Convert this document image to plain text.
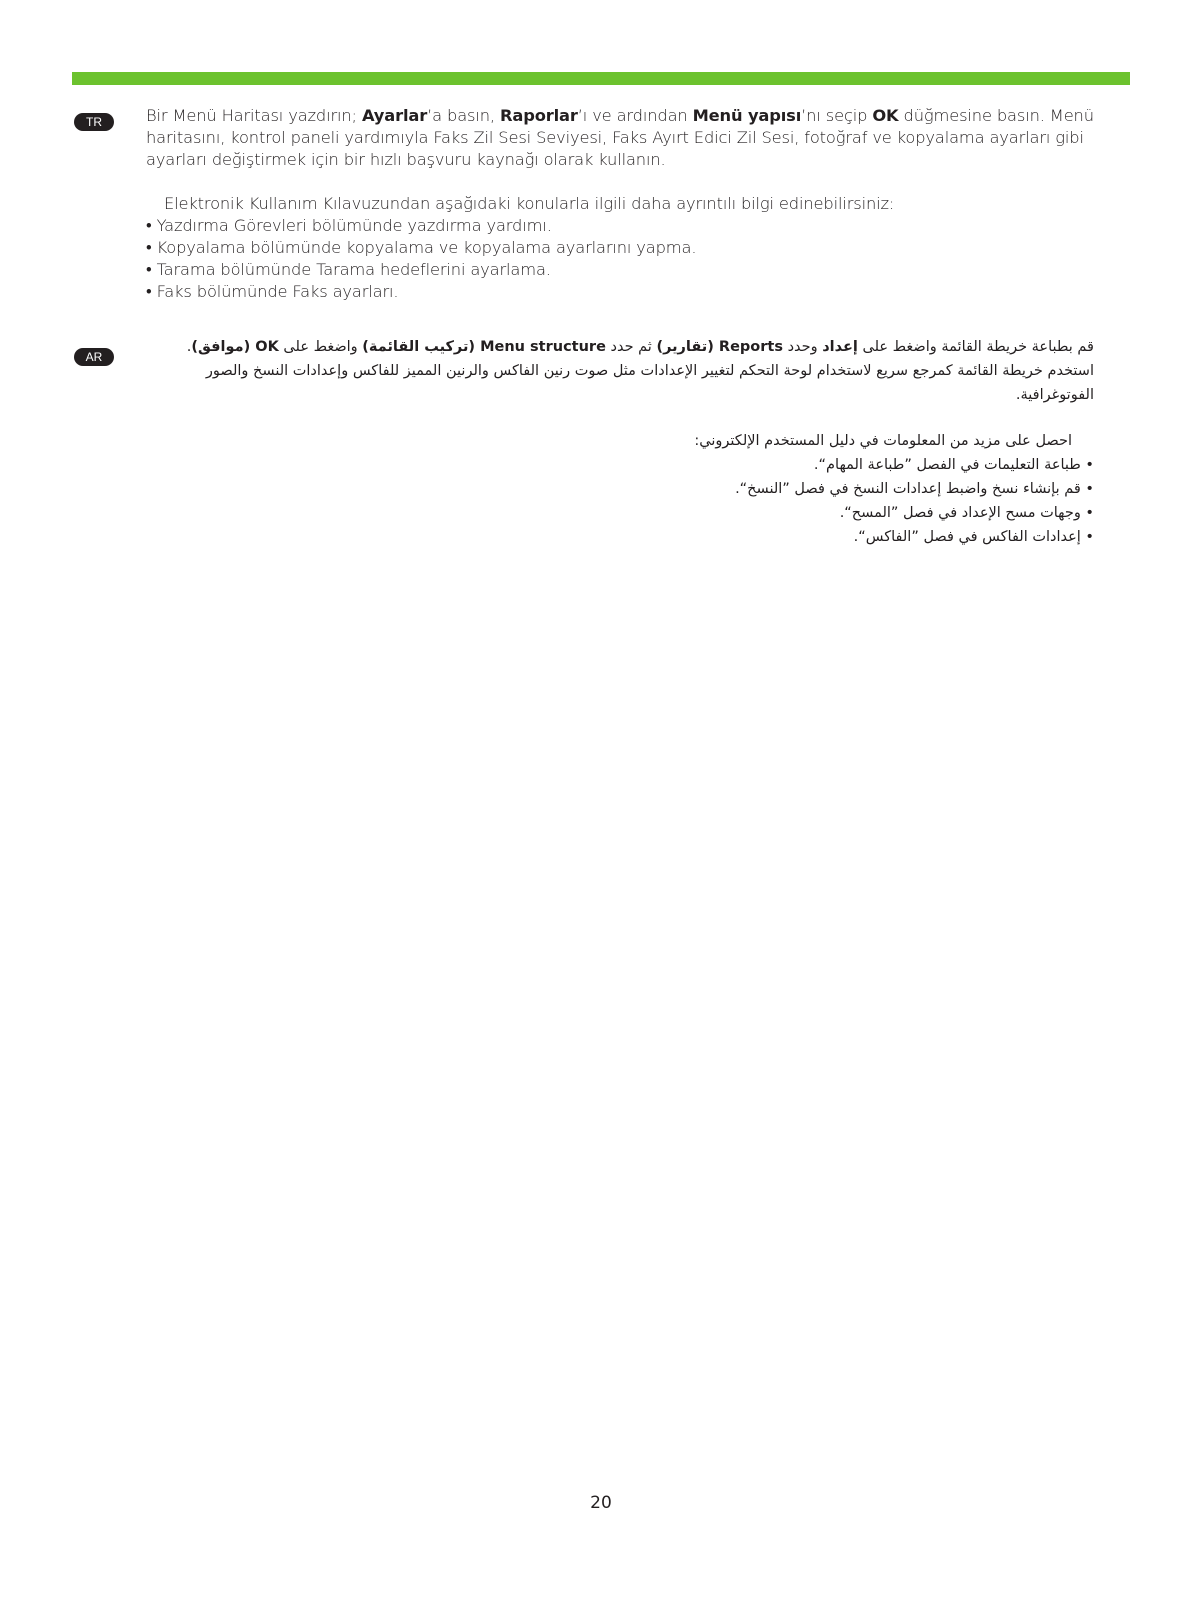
TR	Bir Menü Haritası yazdırın; Ayarlar’a basın, Raporlar’ı ve ardından Menü yapısı’nı seçip OK düğmesine basın. Menü haritasını, kontrol paneli yardımıyla Faks Zil Sesi Seviyesi, Faks Ayırt Edici Zil Sesi, fotoğraf ve kopyalama ayarları gibi ayarları değiştirmek için bir hızlı başvuru kaynağı olarak kullanın.

Elektronik Kullanım Kılavuzundan aşağıdaki konularla ilgili daha ayrıntılı bilgi edinebilirsiniz:

• Yazdırma Görevleri bölümünde yazdırma yardımı.
• Kopyalama bölümünde kopyalama ve kopyalama ayarlarını yapma.
• Tarama bölümünde Tarama hedeflerini ayarlama.
• Faks bölümünde Faks ayarları.
AR

قم بطباعة خريطة القائمة واضغط على إعداد وحدد Reports (تقارير) ثم حدد Menu structure (تركيب القائمة) واضغط على OK (موافق). استخدم خريطة القائمة كمرجع سريع لاستخدام لوحة التحكم لتغيير الإعدادات مثل صوت رنين الفاكس والرنين المميز للفاكس وإعدادات النسخ والصور الفوتوغرافية.

احصل على مزيد من المعلومات في دليل المستخدم الإلكتروني:

• طباعة التعليمات في الفصل ”طباعة المهام“.
• قم بإنشاء نسخ واضبط إعدادات النسخ في فصل ”النسخ“.
• وجهات مسح الإعداد في فصل ”المسح“.
• إعدادات الفاكس في فصل ”الفاكس“.
20
